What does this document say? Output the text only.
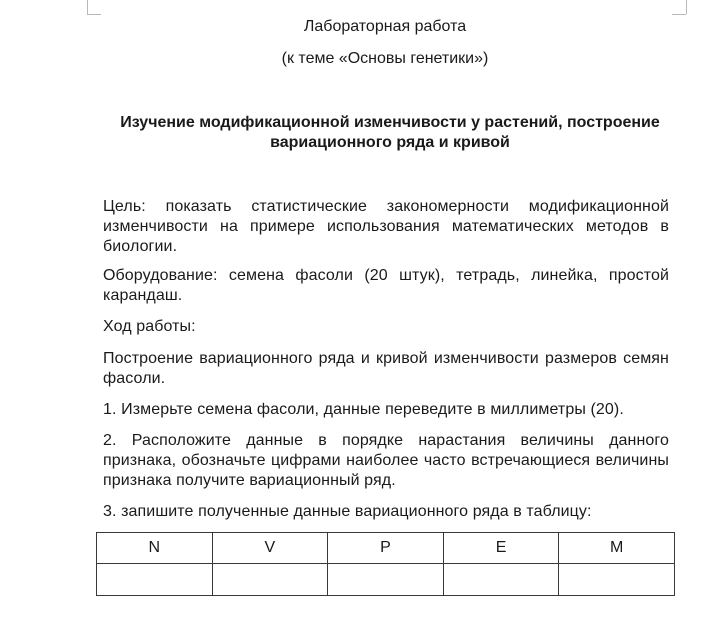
Лабораторная работа

(к теме «Основы генетики»)

Изучение модификационной изменчивости у растений, построение вариационного ряда и кривой

Цель: показать статистические закономерности модификационной изменчивости на примере использования математических методов в биологии.

Оборудование: семена фасоли (20 штук), тетрадь, линейка, простой карандаш.

Ход работы:

Построение вариационного ряда и кривой изменчивости размеров семян фасоли.

1. Измерьте семена фасоли, данные переведите в миллиметры (20).

2. Расположите данные в порядке нарастания величины данного признака, обозначьте цифрами наиболее часто встречающиеся величины признака получите вариационный ряд.

3. запишите полученные данные вариационного ряда в таблицу:

N	V	P	E	M
